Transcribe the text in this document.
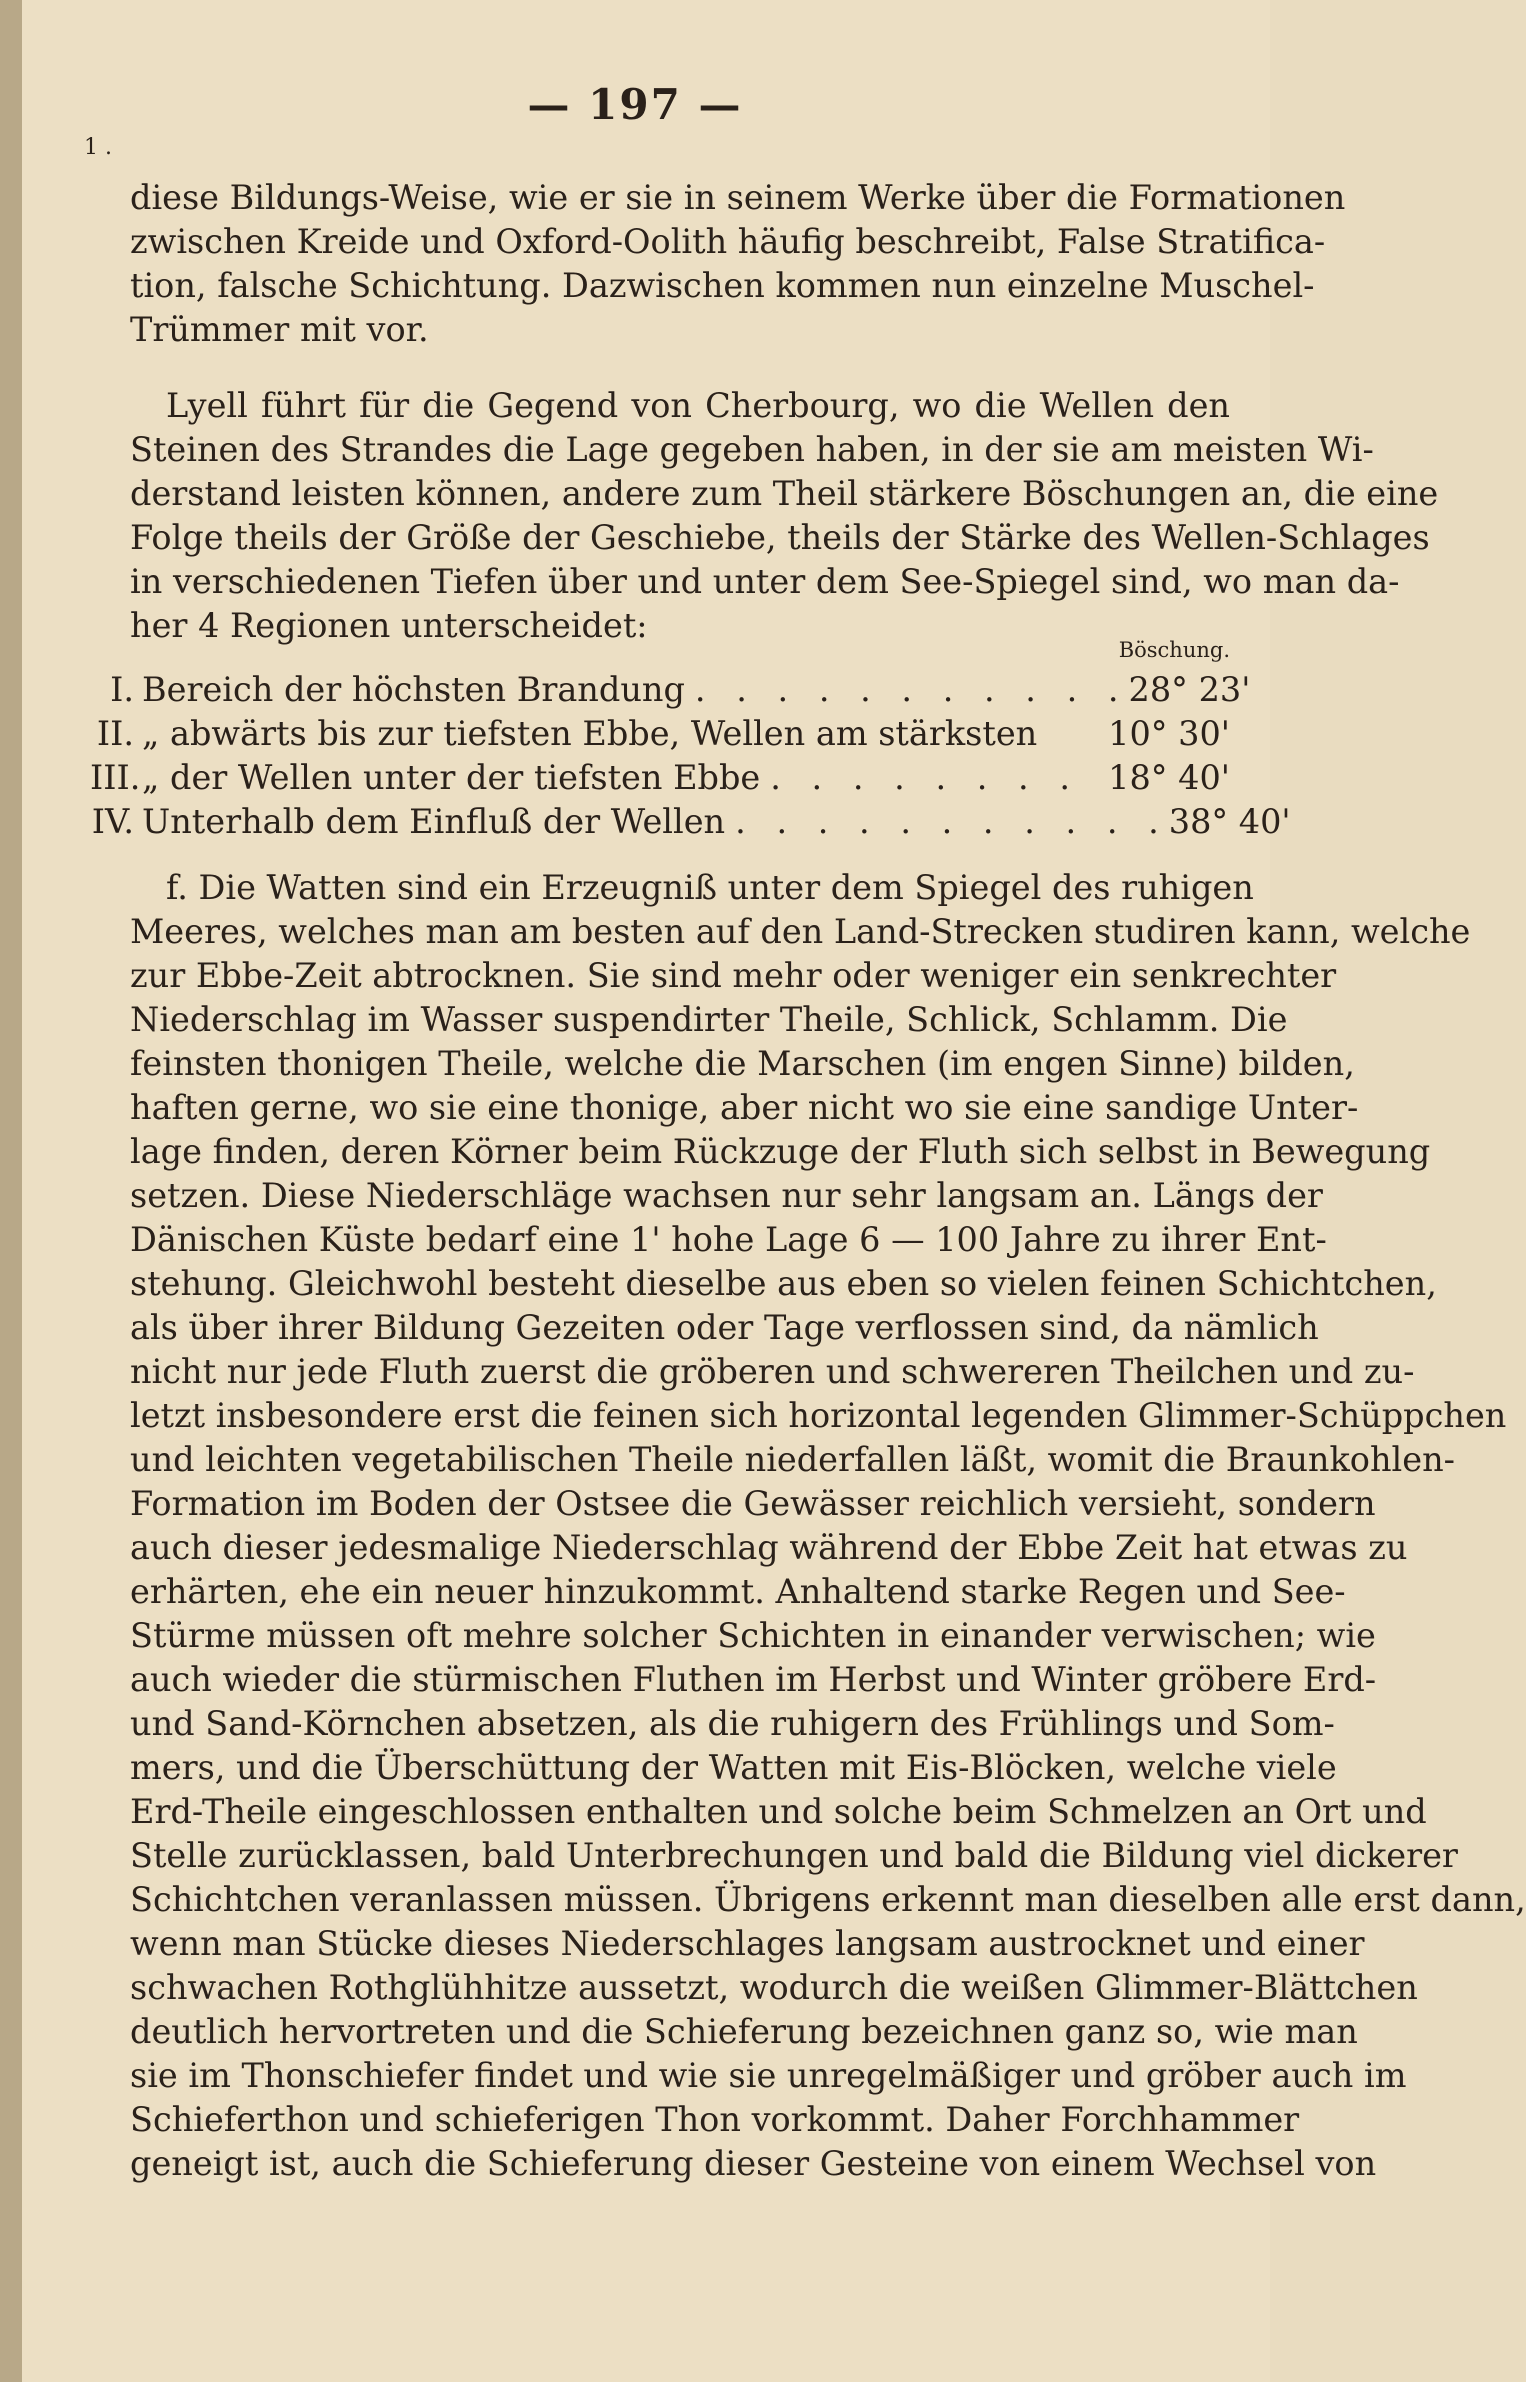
— 197 —
1 .
diese Bildungs-Weise, wie er sie in seinem Werke über die Formationen
zwischen Kreide und Oxford-Oolith häufig beschreibt, False Stratifica-
tion, falsche Schichtung. Dazwischen kommen nun einzelne Muschel-
Trümmer mit vor.
Lyell führt für die Gegend von Cherbourg, wo die Wellen den
Steinen des Strandes die Lage gegeben haben, in der sie am meisten Wi-
derstand leisten können, andere zum Theil stärkere Böschungen an, die eine
Folge theils der Größe der Geschiebe, theils der Stärke des Wellen-Schlages
in verschiedenen Tiefen über und unter dem See-Spiegel sind, wo man da-
her 4 Regionen unterscheidet:
Böschung.
I. Bereich der höchsten Brandung . . . . . . . . . . . 28° 23'
II. „ abwärts bis zur tiefsten Ebbe, Wellen am stärksten 10° 30'
III. „ der Wellen unter der tiefsten Ebbe . . . . . . . . 18° 40'
IV. Unterhalb dem Einfluß der Wellen . . . . . . . . . . . 38° 40'
f. Die Watten sind ein Erzeugniß unter dem Spiegel des ruhigen
Meeres, welches man am besten auf den Land-Strecken studiren kann, welche
zur Ebbe-Zeit abtrocknen. Sie sind mehr oder weniger ein senkrechter
Niederschlag im Wasser suspendirter Theile, Schlick, Schlamm. Die
feinsten thonigen Theile, welche die Marschen (im engen Sinne) bilden,
haften gerne, wo sie eine thonige, aber nicht wo sie eine sandige Unter-
lage finden, deren Körner beim Rückzuge der Fluth sich selbst in Bewegung
setzen. Diese Niederschläge wachsen nur sehr langsam an. Längs der
Dänischen Küste bedarf eine 1' hohe Lage 6 — 100 Jahre zu ihrer Ent-
stehung. Gleichwohl besteht dieselbe aus eben so vielen feinen Schichtchen,
als über ihrer Bildung Gezeiten oder Tage verflossen sind, da nämlich
nicht nur jede Fluth zuerst die gröberen und schwereren Theilchen und zu-
letzt insbesondere erst die feinen sich horizontal legenden Glimmer-Schüppchen
und leichten vegetabilischen Theile niederfallen läßt, womit die Braunkohlen-
Formation im Boden der Ostsee die Gewässer reichlich versieht, sondern
auch dieser jedesmalige Niederschlag während der Ebbe Zeit hat etwas zu
erhärten, ehe ein neuer hinzukommt. Anhaltend starke Regen und See-
Stürme müssen oft mehre solcher Schichten in einander verwischen; wie
auch wieder die stürmischen Fluthen im Herbst und Winter gröbere Erd-
und Sand-Körnchen absetzen, als die ruhigern des Frühlings und Som-
mers, und die Überschüttung der Watten mit Eis-Blöcken, welche viele
Erd-Theile eingeschlossen enthalten und solche beim Schmelzen an Ort und
Stelle zurücklassen, bald Unterbrechungen und bald die Bildung viel dickerer
Schichtchen veranlassen müssen. Übrigens erkennt man dieselben alle erst dann,
wenn man Stücke dieses Niederschlages langsam austrocknet und einer
schwachen Rothglühhitze aussetzt, wodurch die weißen Glimmer-Blättchen
deutlich hervortreten und die Schieferung bezeichnen ganz so, wie man
sie im Thonschiefer findet und wie sie unregelmäßiger und gröber auch im
Schieferthon und schieferigen Thon vorkommt. Daher Forchhammer
geneigt ist, auch die Schieferung dieser Gesteine von einem Wechsel von
